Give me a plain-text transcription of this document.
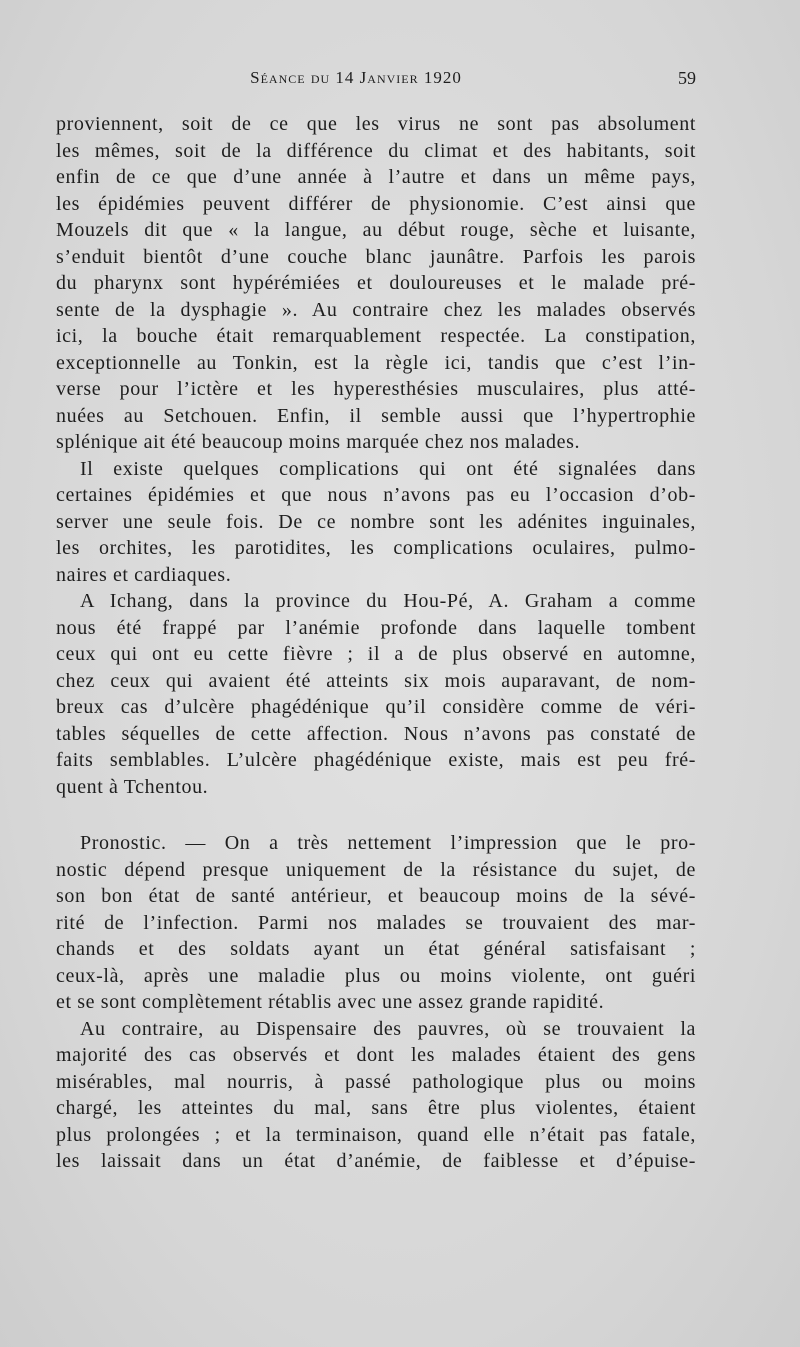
Séance du 14 Janvier 1920	59
proviennent, soit de ce que les virus ne sont pas absolument
les mêmes, soit de la différence du climat et des habitants, soit
enfin de ce que d’une année à l’autre et dans un même pays,
les épidémies peuvent différer de physionomie. C’est ainsi que
Mouzels dit que « la langue, au début rouge, sèche et luisante,
s’enduit bientôt d’une couche blanc jaunâtre. Parfois les parois
du pharynx sont hypérémiées et douloureuses et le malade pré-
sente de la dysphagie ». Au contraire chez les malades observés
ici, la bouche était remarquablement respectée. La constipation,
exceptionnelle au Tonkin, est la règle ici, tandis que c’est l’in-
verse pour l’ictère et les hyperesthésies musculaires, plus atté-
nuées au Setchouen. Enfin, il semble aussi que l’hypertrophie
splénique ait été beaucoup moins marquée chez nos malades.
Il existe quelques complications qui ont été signalées dans
certaines épidémies et que nous n’avons pas eu l’occasion d’ob-
server une seule fois. De ce nombre sont les adénites inguinales,
les orchites, les parotidites, les complications oculaires, pulmo-
naires et cardiaques.
A Ichang, dans la province du Hou-Pé, A. Graham a comme
nous été frappé par l’anémie profonde dans laquelle tombent
ceux qui ont eu cette fièvre ; il a de plus observé en automne,
chez ceux qui avaient été atteints six mois auparavant, de nom-
breux cas d’ulcère phagédénique qu’il considère comme de véri-
tables séquelles de cette affection. Nous n’avons pas constaté de
faits semblables. L’ulcère phagédénique existe, mais est peu fré-
quent à Tchentou.
Pronostic. — On a très nettement l’impression que le pro-
nostic dépend presque uniquement de la résistance du sujet, de
son bon état de santé antérieur, et beaucoup moins de la sévé-
rité de l’infection. Parmi nos malades se trouvaient des mar-
chands et des soldats ayant un état général satisfaisant ;
ceux-là, après une maladie plus ou moins violente, ont guéri
et se sont complètement rétablis avec une assez grande rapidité.
Au contraire, au Dispensaire des pauvres, où se trouvaient la
majorité des cas observés et dont les malades étaient des gens
misérables, mal nourris, à passé pathologique plus ou moins
chargé, les atteintes du mal, sans être plus violentes, étaient
plus prolongées ; et la terminaison, quand elle n’était pas fatale,
les laissait dans un état d’anémie, de faiblesse et d’épuise-
